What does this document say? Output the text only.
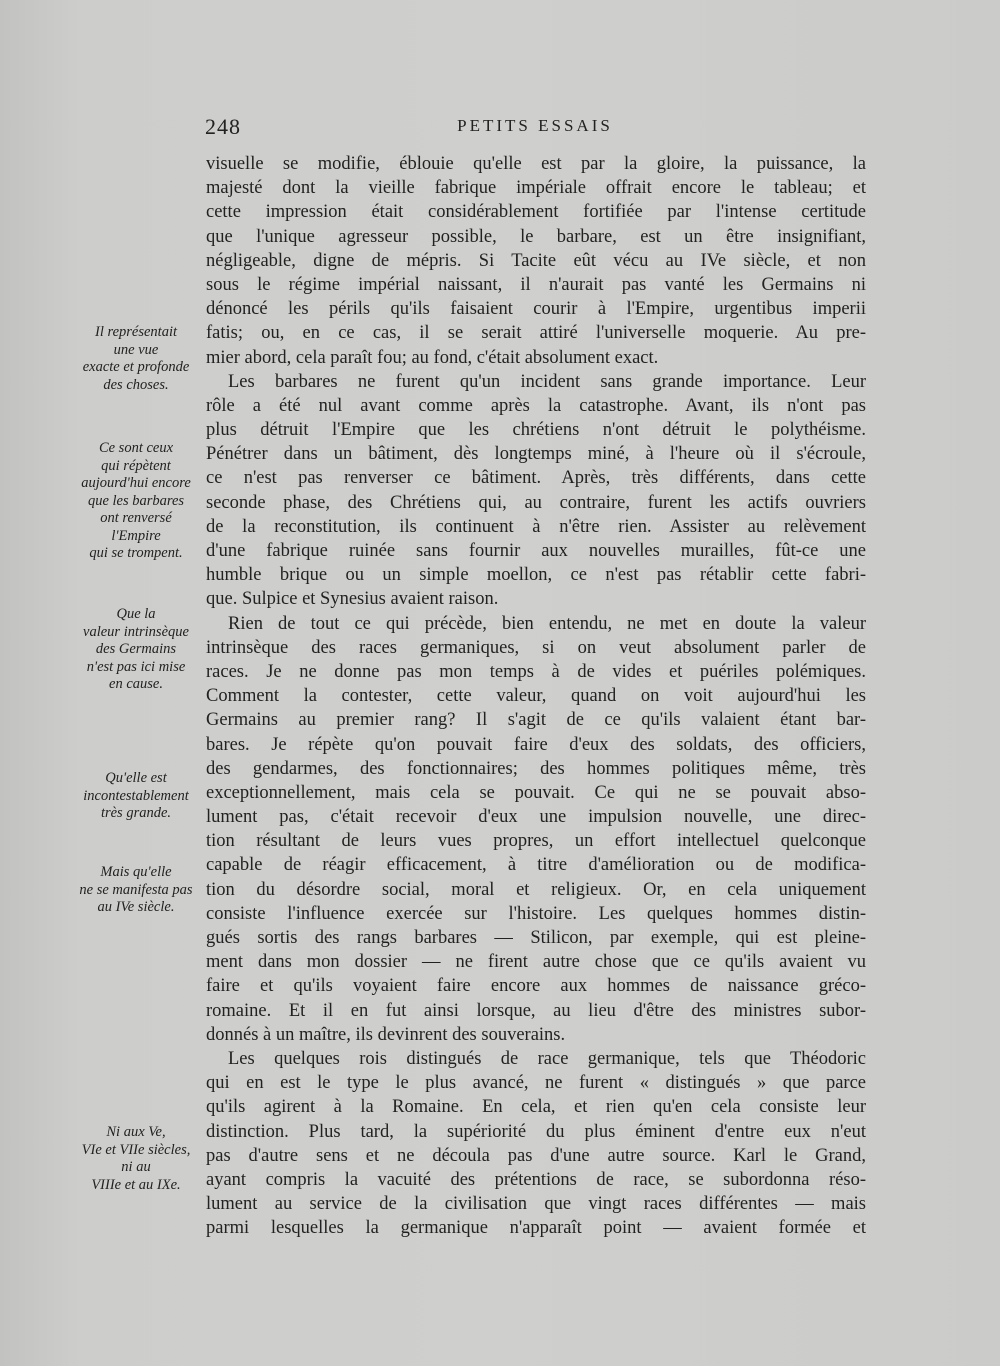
248	PETITS ESSAIS
Il représentait
une vue
exacte et profonde
des choses.
Ce sont ceux
qui répètent
aujourd'hui encore
que les barbares
ont renversé
l'Empire
qui se trompent.
Que la
valeur intrinsèque
des Germains
n'est pas ici mise
en cause.
Qu'elle est
incontestablement
très grande.
Mais qu'elle
ne se manifesta pas
au IVe siècle.
Ni aux Ve,
VIe et VIIe siècles,
ni au
VIIIe et au IXe.
visuelle se modifie, éblouie qu'elle est par la gloire, la puissance, la
majesté dont la vieille fabrique impériale offrait encore le tableau; et
cette impression était considérablement fortifiée par l'intense certitude
que l'unique agresseur possible, le barbare, est un être insignifiant,
négligeable, digne de mépris. Si Tacite eût vécu au IVe siècle, et non
sous le régime impérial naissant, il n'aurait pas vanté les Germains ni
dénoncé les périls qu'ils faisaient courir à l'Empire, urgentibus imperii
fatis; ou, en ce cas, il se serait attiré l'universelle moquerie. Au pre-
mier abord, cela paraît fou; au fond, c'était absolument exact.
Les barbares ne furent qu'un incident sans grande importance. Leur
rôle a été nul avant comme après la catastrophe. Avant, ils n'ont pas
plus détruit l'Empire que les chrétiens n'ont détruit le polythéisme.
Pénétrer dans un bâtiment, dès longtemps miné, à l'heure où il s'écroule,
ce n'est pas renverser ce bâtiment. Après, très différents, dans cette
seconde phase, des Chrétiens qui, au contraire, furent les actifs ouvriers
de la reconstitution, ils continuent à n'être rien. Assister au relèvement
d'une fabrique ruinée sans fournir aux nouvelles murailles, fût-ce une
humble brique ou un simple moellon, ce n'est pas rétablir cette fabri-
que. Sulpice et Synesius avaient raison.
Rien de tout ce qui précède, bien entendu, ne met en doute la valeur
intrinsèque des races germaniques, si on veut absolument parler de
races. Je ne donne pas mon temps à de vides et puériles polémiques.
Comment la contester, cette valeur, quand on voit aujourd'hui les
Germains au premier rang? Il s'agit de ce qu'ils valaient étant bar-
bares. Je répète qu'on pouvait faire d'eux des soldats, des officiers,
des gendarmes, des fonctionnaires; des hommes politiques même, très
exceptionnellement, mais cela se pouvait. Ce qui ne se pouvait abso-
lument pas, c'était recevoir d'eux une impulsion nouvelle, une direc-
tion résultant de leurs vues propres, un effort intellectuel quelconque
capable de réagir efficacement, à titre d'amélioration ou de modifica-
tion du désordre social, moral et religieux. Or, en cela uniquement
consiste l'influence exercée sur l'histoire. Les quelques hommes distin-
gués sortis des rangs barbares — Stilicon, par exemple, qui est pleine-
ment dans mon dossier — ne firent autre chose que ce qu'ils avaient vu
faire et qu'ils voyaient faire encore aux hommes de naissance gréco-
romaine. Et il en fut ainsi lorsque, au lieu d'être des ministres subor-
donnés à un maître, ils devinrent des souverains.
Les quelques rois distingués de race germanique, tels que Théodoric
qui en est le type le plus avancé, ne furent « distingués » que parce
qu'ils agirent à la Romaine. En cela, et rien qu'en cela consiste leur
distinction. Plus tard, la supériorité du plus éminent d'entre eux n'eut
pas d'autre sens et ne découla pas d'une autre source. Karl le Grand,
ayant compris la vacuité des prétentions de race, se subordonna réso-
lument au service de la civilisation que vingt races différentes — mais
parmi lesquelles la germanique n'apparaît point — avaient formée et
